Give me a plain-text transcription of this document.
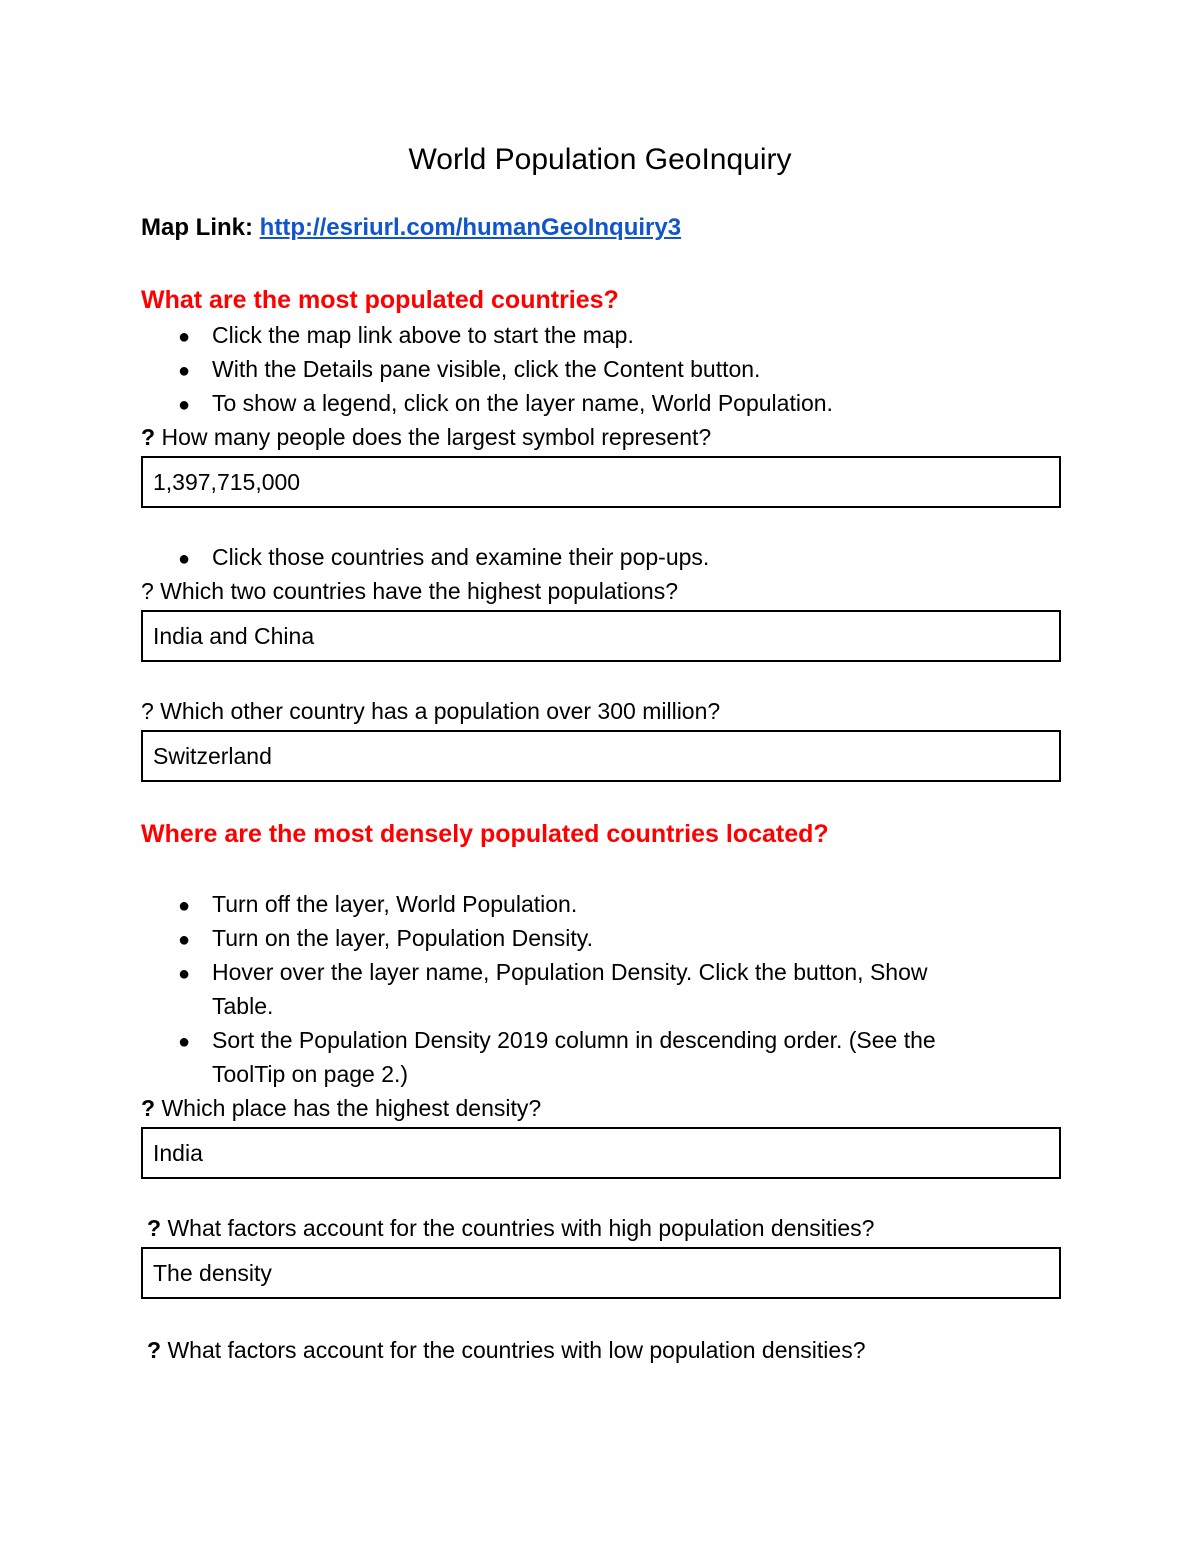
World Population GeoInquiry
Map Link: http://esriurl.com/humanGeoInquiry3
What are the most populated countries?
● Click the map link above to start the map.
● With the Details pane visible, click the Content button.
● To show a legend, click on the layer name, World Population.
? How many people does the largest symbol represent?
1,397,715,000
● Click those countries and examine their pop-ups.
? Which two countries have the highest populations?
India and China
? Which other country has a population over 300 million?
Switzerland
Where are the most densely populated countries located?
● Turn off the layer, World Population.
● Turn on the layer, Population Density.
● Hover over the layer name, Population Density. Click the button, Show
Table.
● Sort the Population Density 2019 column in descending order. (See the
ToolTip on page 2.)
? Which place has the highest density?
India
? What factors account for the countries with high population densities?
The density
? What factors account for the countries with low population densities?
